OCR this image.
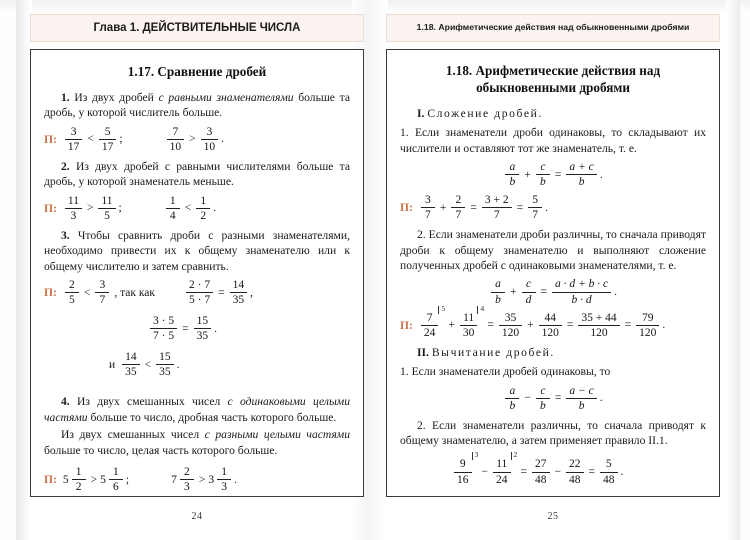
Глава 1. ДЕЙСТВИТЕЛЬНЫЕ ЧИСЛА
1.17. Сравнение дробей

1. Из двух дробей с равными знаменателями больше та дробь, у которой числитель больше.

П: $\frac{3}{17} < \frac{5}{17}$ ;	$\frac{7}{10} > \frac{3}{10}$ .

2. Из двух дробей с равными числителями больше та дробь, у которой знаменатель меньше.

П: $\frac{11}{3} > \frac{11}{5}$ ;	$\frac{1}{4} < \frac{1}{2}$ .

3. Чтобы сравнить дроби с разными знаменателями, необходимо привести их к общему знаменателю или к общему числителю и затем сравнить.

П: $\frac{2}{5} < \frac{3}{7}$ , так как	$\frac{2 \cdot 7}{5 \cdot 7} = \frac{14}{35}$ ,
$\frac{3 \cdot 5}{7 \cdot 5} = \frac{15}{35}$ .
и $\frac{14}{35} < \frac{15}{35}$ .

4. Из двух смешанных чисел с одинаковыми целыми частями больше то число, дробная часть которого больше.

Из двух смешанных чисел с разными целыми частями больше то число, целая часть которого больше.

П: $5 \frac{1}{2} > 5 \frac{1}{6}$ ;	$7 \frac{2}{3} > 3 \frac{1}{3}$ .
24
1.18. Арифметические действия над обыкновенными дробями
1.18. Арифметические действия над
обыкновенными дробями

I. Сложение дробей.

1. Если знаменатели дроби одинаковы, то складывают их числители и оставляют тот же знаменатель, т. е.

$\frac{a}{b} + \frac{c}{b} = \frac{a + c}{b}$ .
П: $\frac{3}{7} + \frac{2}{7} = \frac{3 + 2}{7} = \frac{5}{7}$ .

2. Если знаменатели дроби различны, то сначала приводят дроби к общему знаменателю и выполняют сложение полученных дробей с одинаковыми знаменателями, т. е.

$\frac{a}{b} + \frac{c}{d} = \frac{a \cdot d + b \cdot c}{b \cdot d}$ .
П:
7
24
5
+
11
30
4
= $\frac{35}{120} + \frac{44}{120} = \frac{35 + 44}{120} = \frac{79}{120}$ .

II. Вычитание дробей.

1. Если знаменатели дробей одинаковы, то

$\frac{a}{b} - \frac{c}{b} = \frac{a - c}{b}$ .

2. Если знаменатели различны, то сначала приводят к общему знаменателю, а затем применяет правило II.1.

9
16
3
−
11
24
2
= $\frac{27}{48} - \frac{22}{48} = \frac{5}{48}$ .
25
